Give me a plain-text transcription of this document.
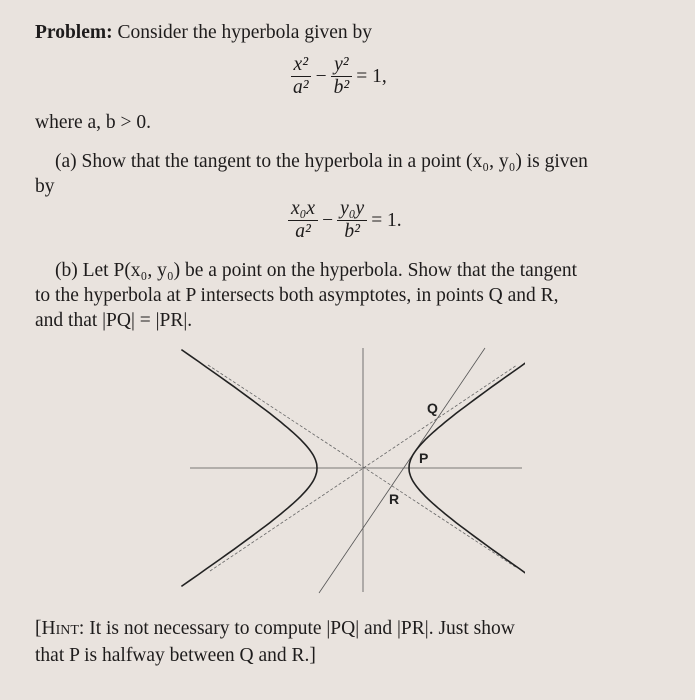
Problem: Consider the hyperbola given by
$\frac{\text{x²}}{\text{a²}} - \frac{\text{y²}}{\text{b²}} = 1$,
where a, b > 0.
(a) Show that the tangent to the hyperbola in a point (x₀, y₀) is given
by
$\frac{\text{x₀x}}{\text{a²}} - \frac{\text{y₀y}}{\text{b²}} = 1$.
(b) Let P(x₀, y₀) be a point on the hyperbola. Show that the tangent
to the hyperbola at P intersects both asymptotes, in points Q and R,
and that |PQ| = |PR|.
Q
P
R
[Hint: It is not necessary to compute |PQ| and |PR|. Just show
that P is halfway between Q and R.]
